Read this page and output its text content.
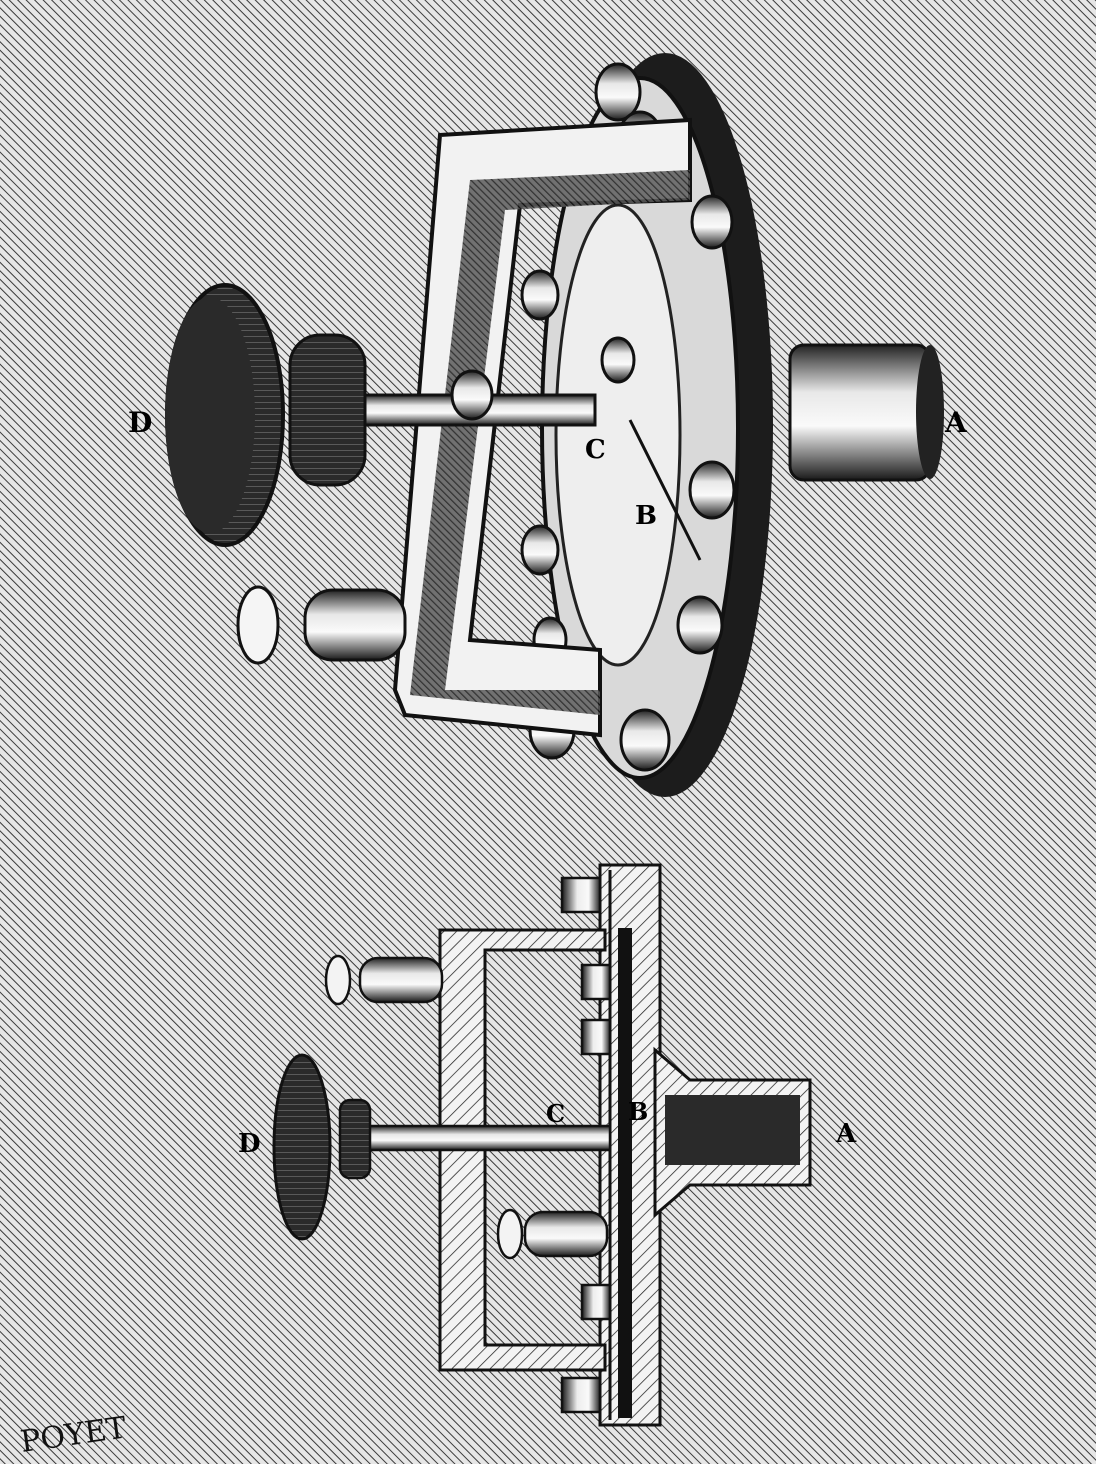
D
C
B
A
D
C	B
A
POYET
